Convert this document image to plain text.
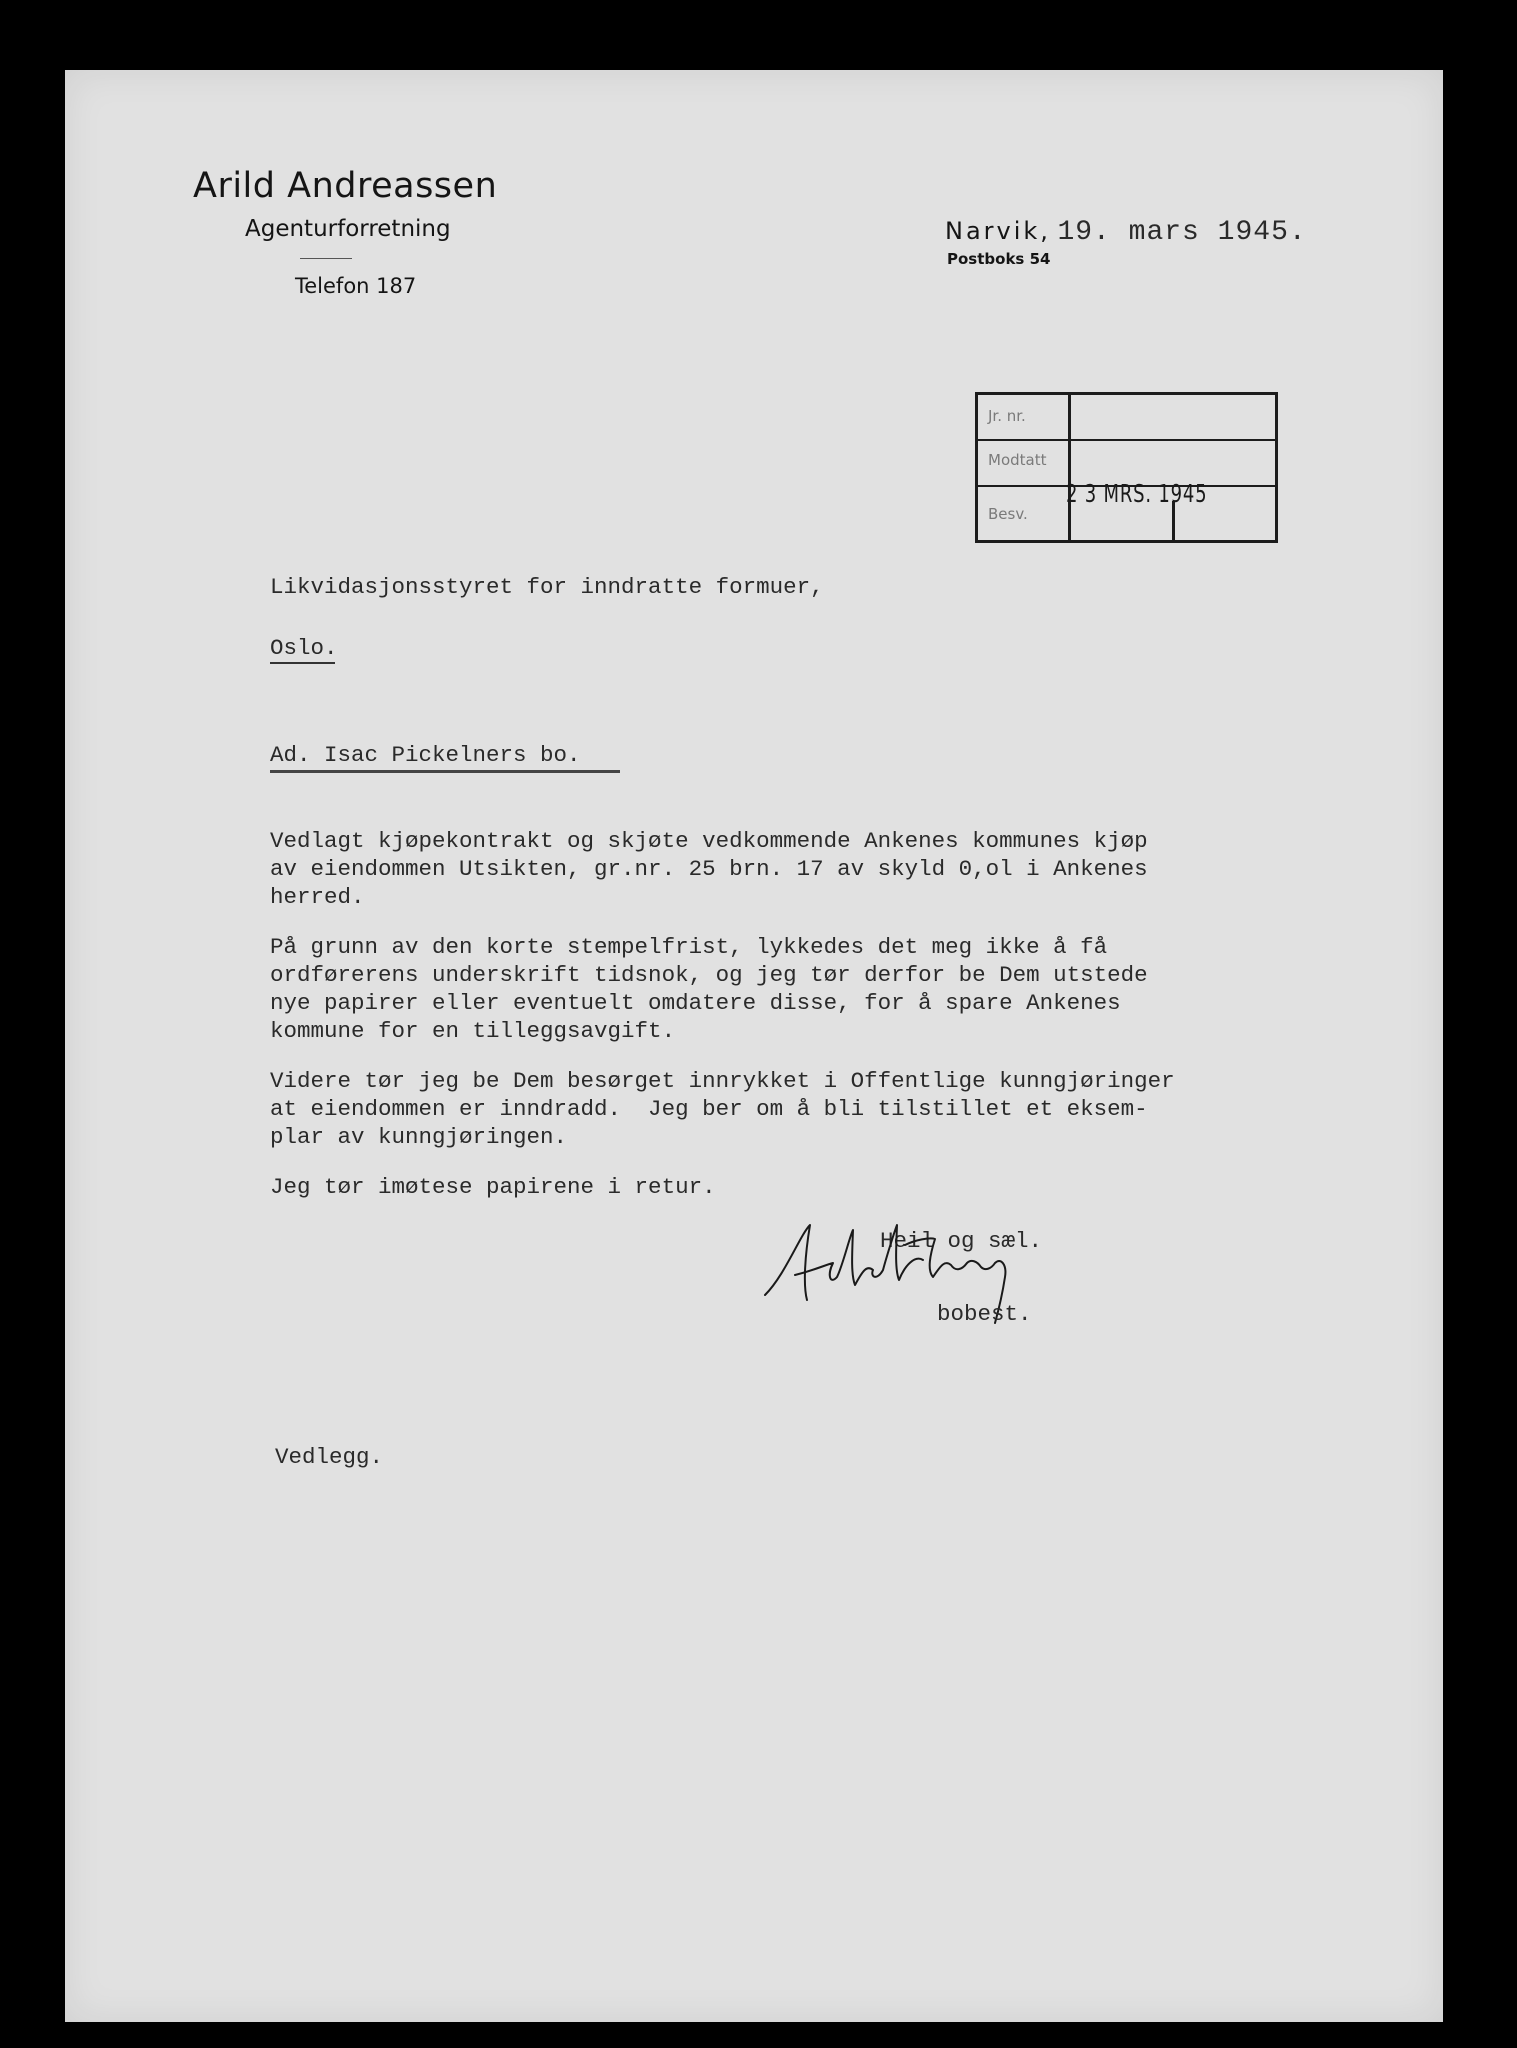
Arild Andreassen
Agenturforretning
Telefon 187
Narvik, 19. mars 1945.
Postboks 54
Jr. nr.
Modtatt
Besv.
2 3 MRS. 1945
Likvidasjonsstyret for inndratte formuer,
Oslo.
Ad. Isac Pickelners bo.
Vedlagt kjøpekontrakt og skjøte vedkommende Ankenes kommunes kjøp
av eiendommen Utsikten, gr.nr. 25 brn. 17 av skyld 0,ol i Ankenes
herred.
På grunn av den korte stempelfrist, lykkedes det meg ikke å få
ordførerens underskrift tidsnok, og jeg tør derfor be Dem utstede
nye papirer eller eventuelt omdatere disse, for å spare Ankenes
kommune for en tilleggsavgift.
Videre tør jeg be Dem besørget innrykket i Offentlige kunngjøringer
at eiendommen er inndradd.  Jeg ber om å bli tilstillet et eksem-
plar av kunngjøringen.
Jeg tør imøtese papirene i retur.
Heil og sæl.
bobest.
Vedlegg.
